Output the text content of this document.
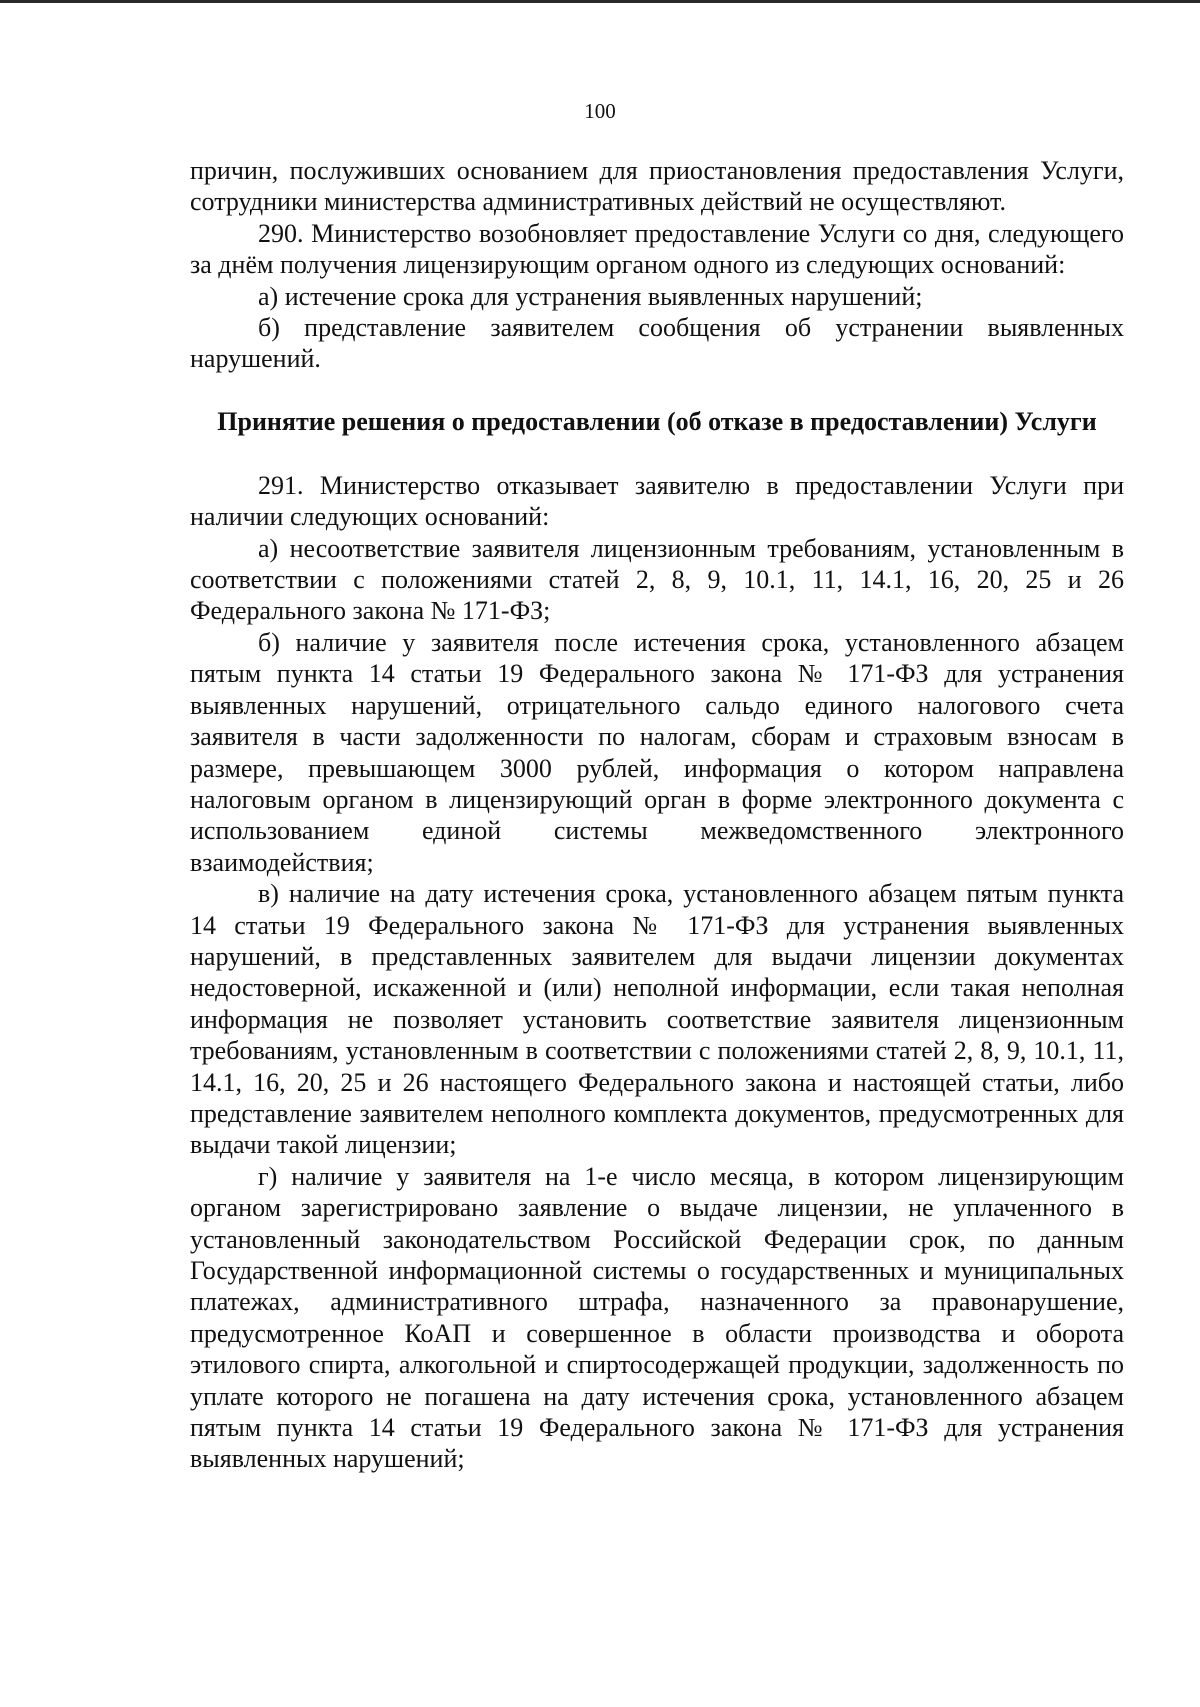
100

причин, послуживших основанием для приостановления предоставления Услуги, сотрудники министерства административных действий не осуществляют.

290. Министерство возобновляет предоставление Услуги со дня, следующего за днём получения лицензирующим органом одного из следующих оснований:

а) истечение срока для устранения выявленных нарушений;

б) представление заявителем сообщения об устранении выявленных нарушений.

Принятие решения о предоставлении (об отказе в предоставлении) Услуги

291. Министерство отказывает заявителю в предоставлении Услуги при наличии следующих оснований:

а) несоответствие заявителя лицензионным требованиям, установленным в соответствии с положениями статей 2, 8, 9, 10.1, 11, 14.1, 16, 20, 25 и 26 Федерального закона № 171-ФЗ;

б) наличие у заявителя после истечения срока, установленного абзацем пятым пункта 14 статьи 19 Федерального закона № 171-ФЗ для устранения выявленных нарушений, отрицательного сальдо единого налогового счета заявителя в части задолженности по налогам, сборам и страховым взносам в размере, превышающем 3000 рублей, информация о котором направлена налоговым органом в лицензирующий орган в форме электронного документа с использованием единой системы межведомственного электронного взаимодействия;

в) наличие на дату истечения срока, установленного абзацем пятым пункта 14 статьи 19 Федерального закона № 171-ФЗ для устранения выявленных нарушений, в представленных заявителем для выдачи лицензии документах недостоверной, искаженной и (или) неполной информации, если такая неполная информация не позволяет установить соответствие заявителя лицензионным требованиям, установленным в соответствии с положениями статей 2, 8, 9, 10.1, 11, 14.1, 16, 20, 25 и 26 настоящего Федерального закона и настоящей статьи, либо представление заявителем неполного комплекта документов, предусмотренных для выдачи такой лицензии;

г) наличие у заявителя на 1-е число месяца, в котором лицензирующим органом зарегистрировано заявление о выдаче лицензии, не уплаченного в установленный законодательством Российской Федерации срок, по данным Государственной информационной системы о государственных и муниципальных платежах, административного штрафа, назначенного за правонарушение, предусмотренное КоАП и совершенное в области производства и оборота этилового спирта, алкогольной и спиртосодержащей продукции, задолженность по уплате которого не погашена на дату истечения срока, установленного абзацем пятым пункта 14 статьи 19 Федерального закона № 171-ФЗ для устранения выявленных нарушений;
